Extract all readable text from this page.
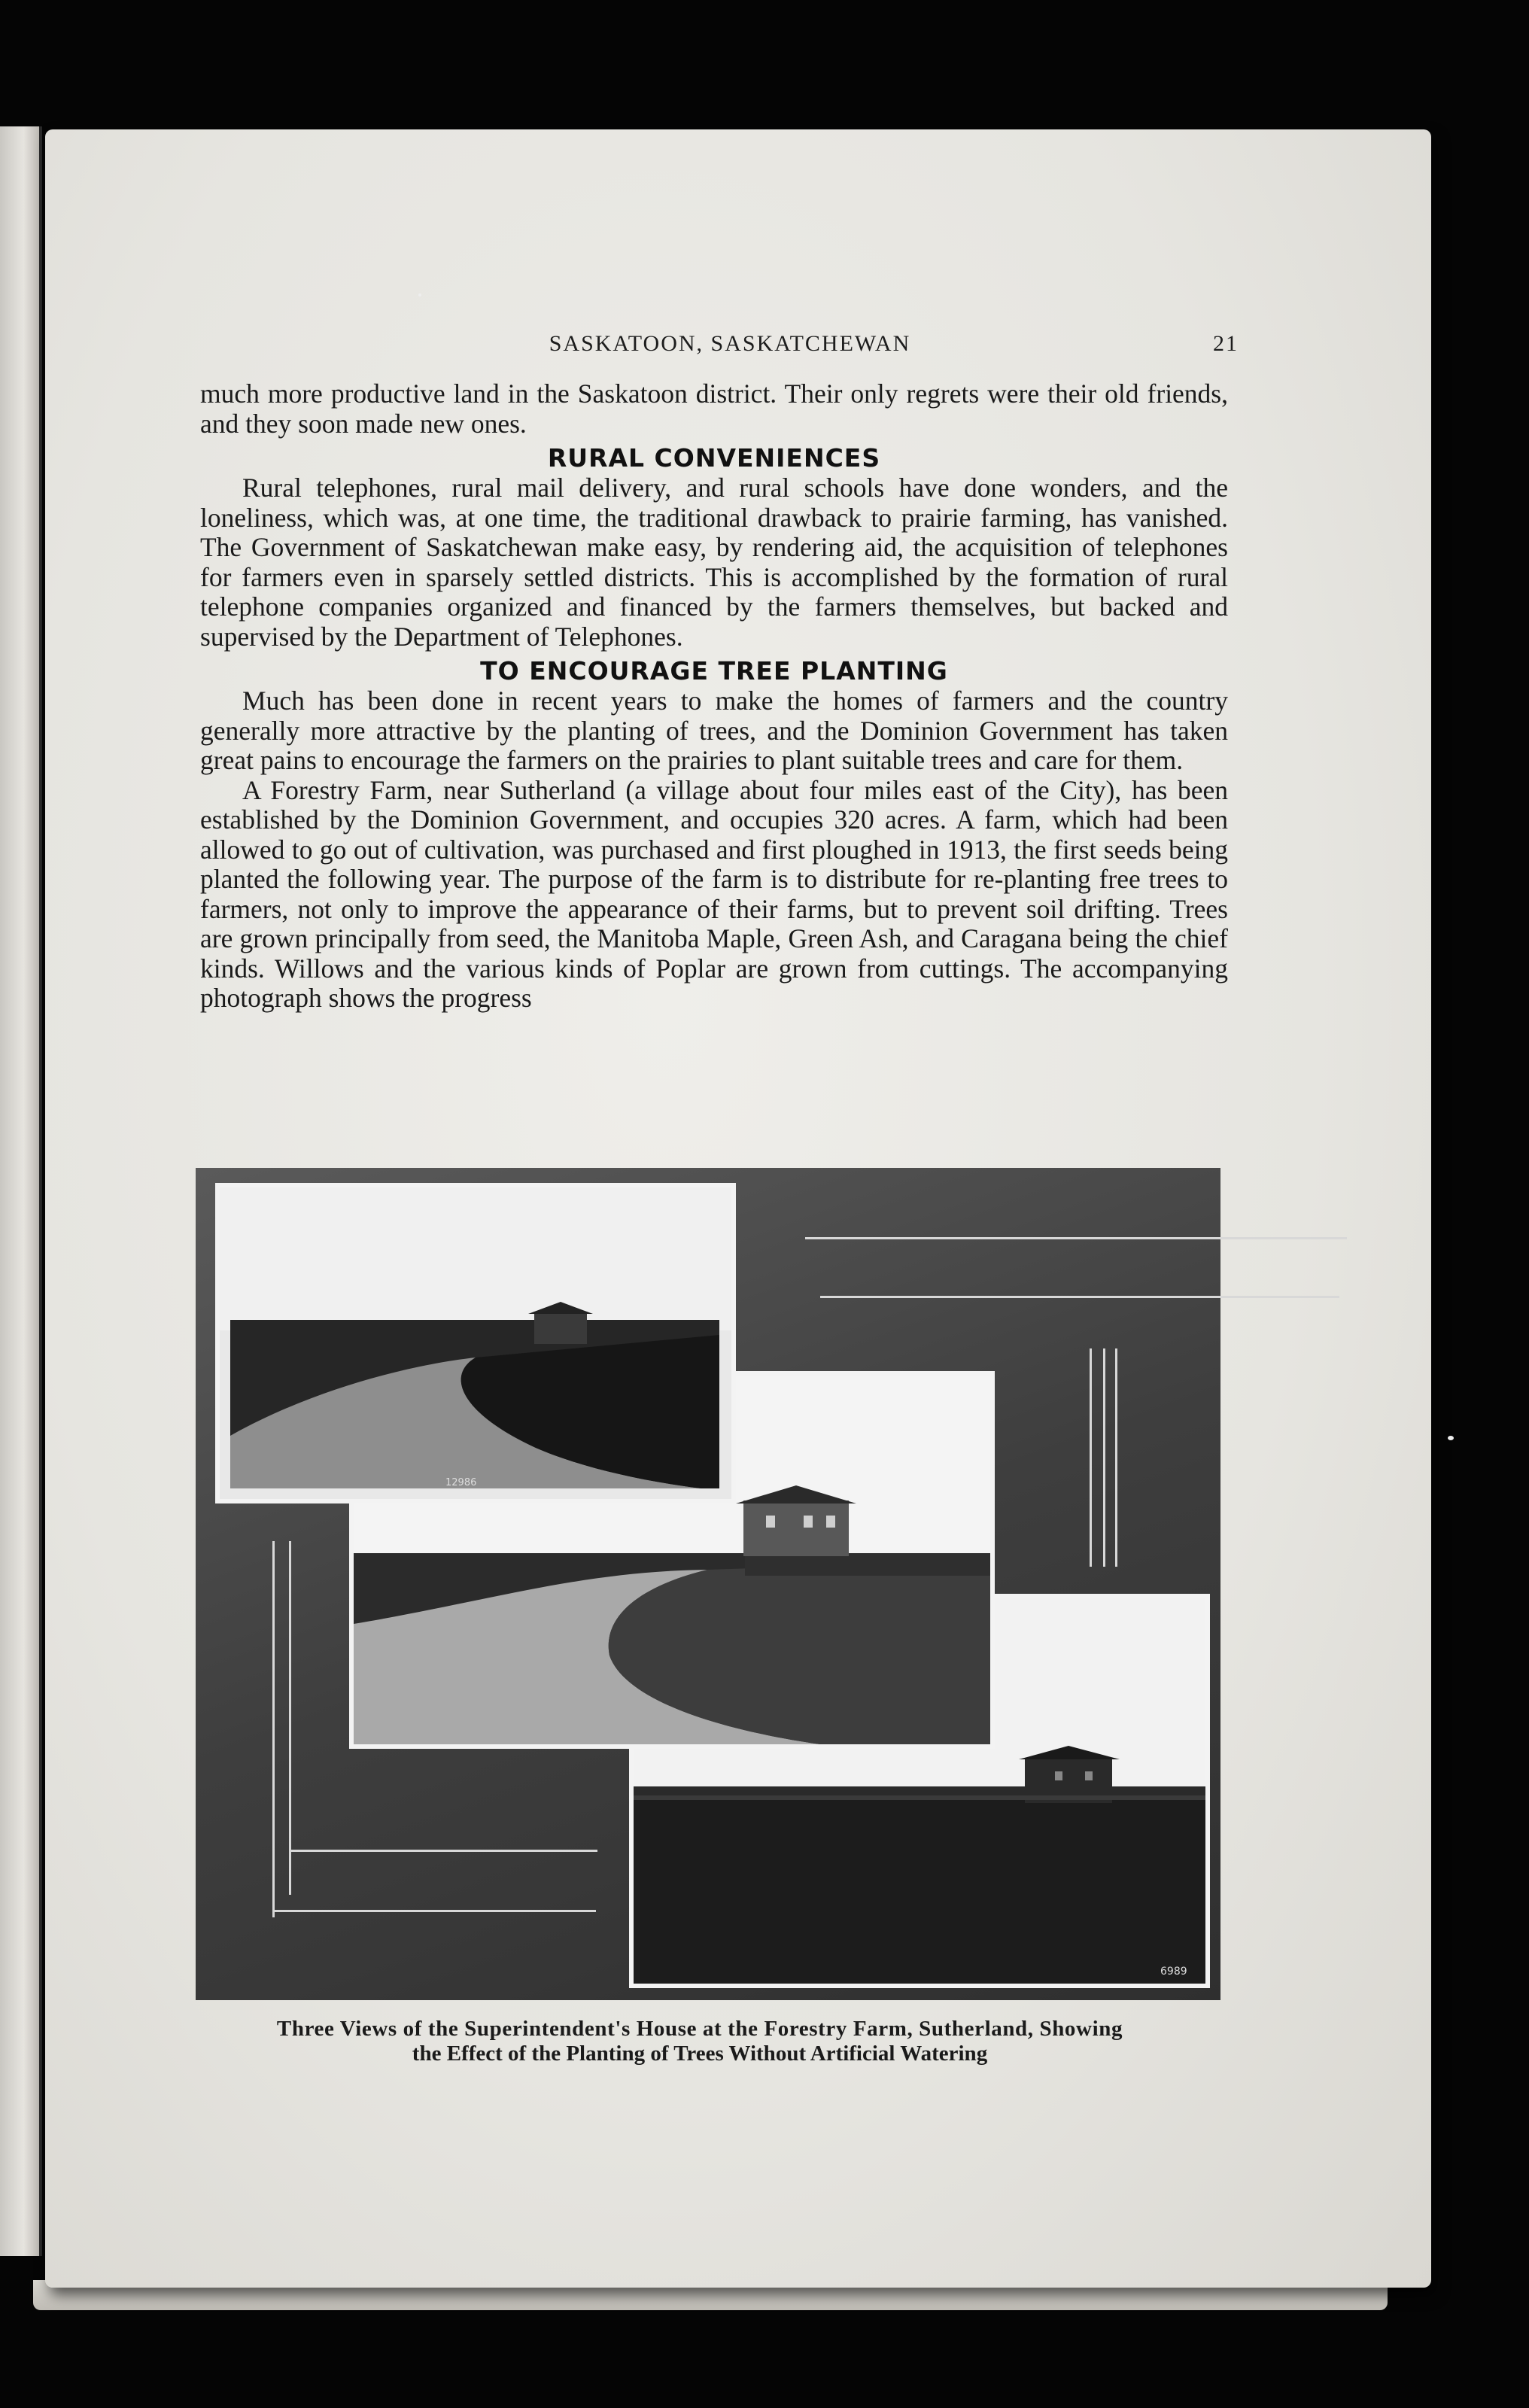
SASKATOON, SASKATCHEWAN	21

much more productive land in the Saskatoon district. Their only regrets were their old friends, and they soon made new ones.

RURAL CONVENIENCES

Rural telephones, rural mail delivery, and rural schools have done wonders, and the loneliness, which was, at one time, the traditional drawback to prairie farming, has vanished. The Government of Saskatchewan make easy, by rendering aid, the acquisition of telephones for farmers even in sparsely settled districts. This is accomplished by the formation of rural telephone companies organized and financed by the farmers themselves, but backed and supervised by the Department of Telephones.

TO ENCOURAGE TREE PLANTING

Much has been done in recent years to make the homes of farmers and the country generally more attractive by the planting of trees, and the Dominion Government has taken great pains to encourage the farmers on the prairies to plant suitable trees and care for them.

A Forestry Farm, near Sutherland (a village about four miles east of the City), has been established by the Dominion Government, and occupies 320 acres. A farm, which had been allowed to go out of cultivation, was purchased and first ploughed in 1913, the first seeds being planted the following year. The purpose of the farm is to distribute for re-planting free trees to farmers, not only to improve the appearance of their farms, but to prevent soil drifting. Trees are grown principally from seed, the Manitoba Maple, Green Ash, and Caragana being the chief kinds. Willows and the various kinds of Poplar are grown from cuttings. The accompanying photograph shows the progress

6989
12986
Three Views of the Superintendent's House at the Forestry Farm, Sutherland, Showing
the Effect of the Planting of Trees Without Artificial Watering
